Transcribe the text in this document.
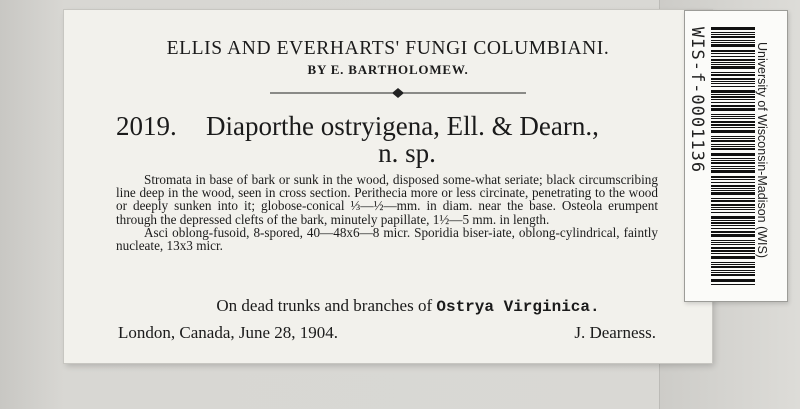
ELLIS AND EVERHARTS' FUNGI COLUMBIANI.
BY E. BARTHOLOMEW.
2019. Diaporthe ostryigena, Ell. & Dearn.,
n. sp.

Stromata in base of bark or sunk in the wood, disposed some-what seriate; black circumscribing line deep in the wood, seen in cross section. Perithecia more or less circinate, penetrating to the wood or deeply sunken into it; globose-conical ⅓—½—mm. in diam. near the base. Osteola erumpent through the depressed clefts of the bark, minutely papillate, 1½—5 mm. in length.

Asci oblong-fusoid, 8-spored, 40—48x6—8 micr. Sporidia biser-iate, oblong-cylindrical, faintly nucleate, 13x3 micr.

On dead trunks and branches of Ostrya Virginica.
London, Canada, June 28, 1904.	J. Dearness.
WIS-f-0001136	University of Wisconsin-Madison (WIS)
